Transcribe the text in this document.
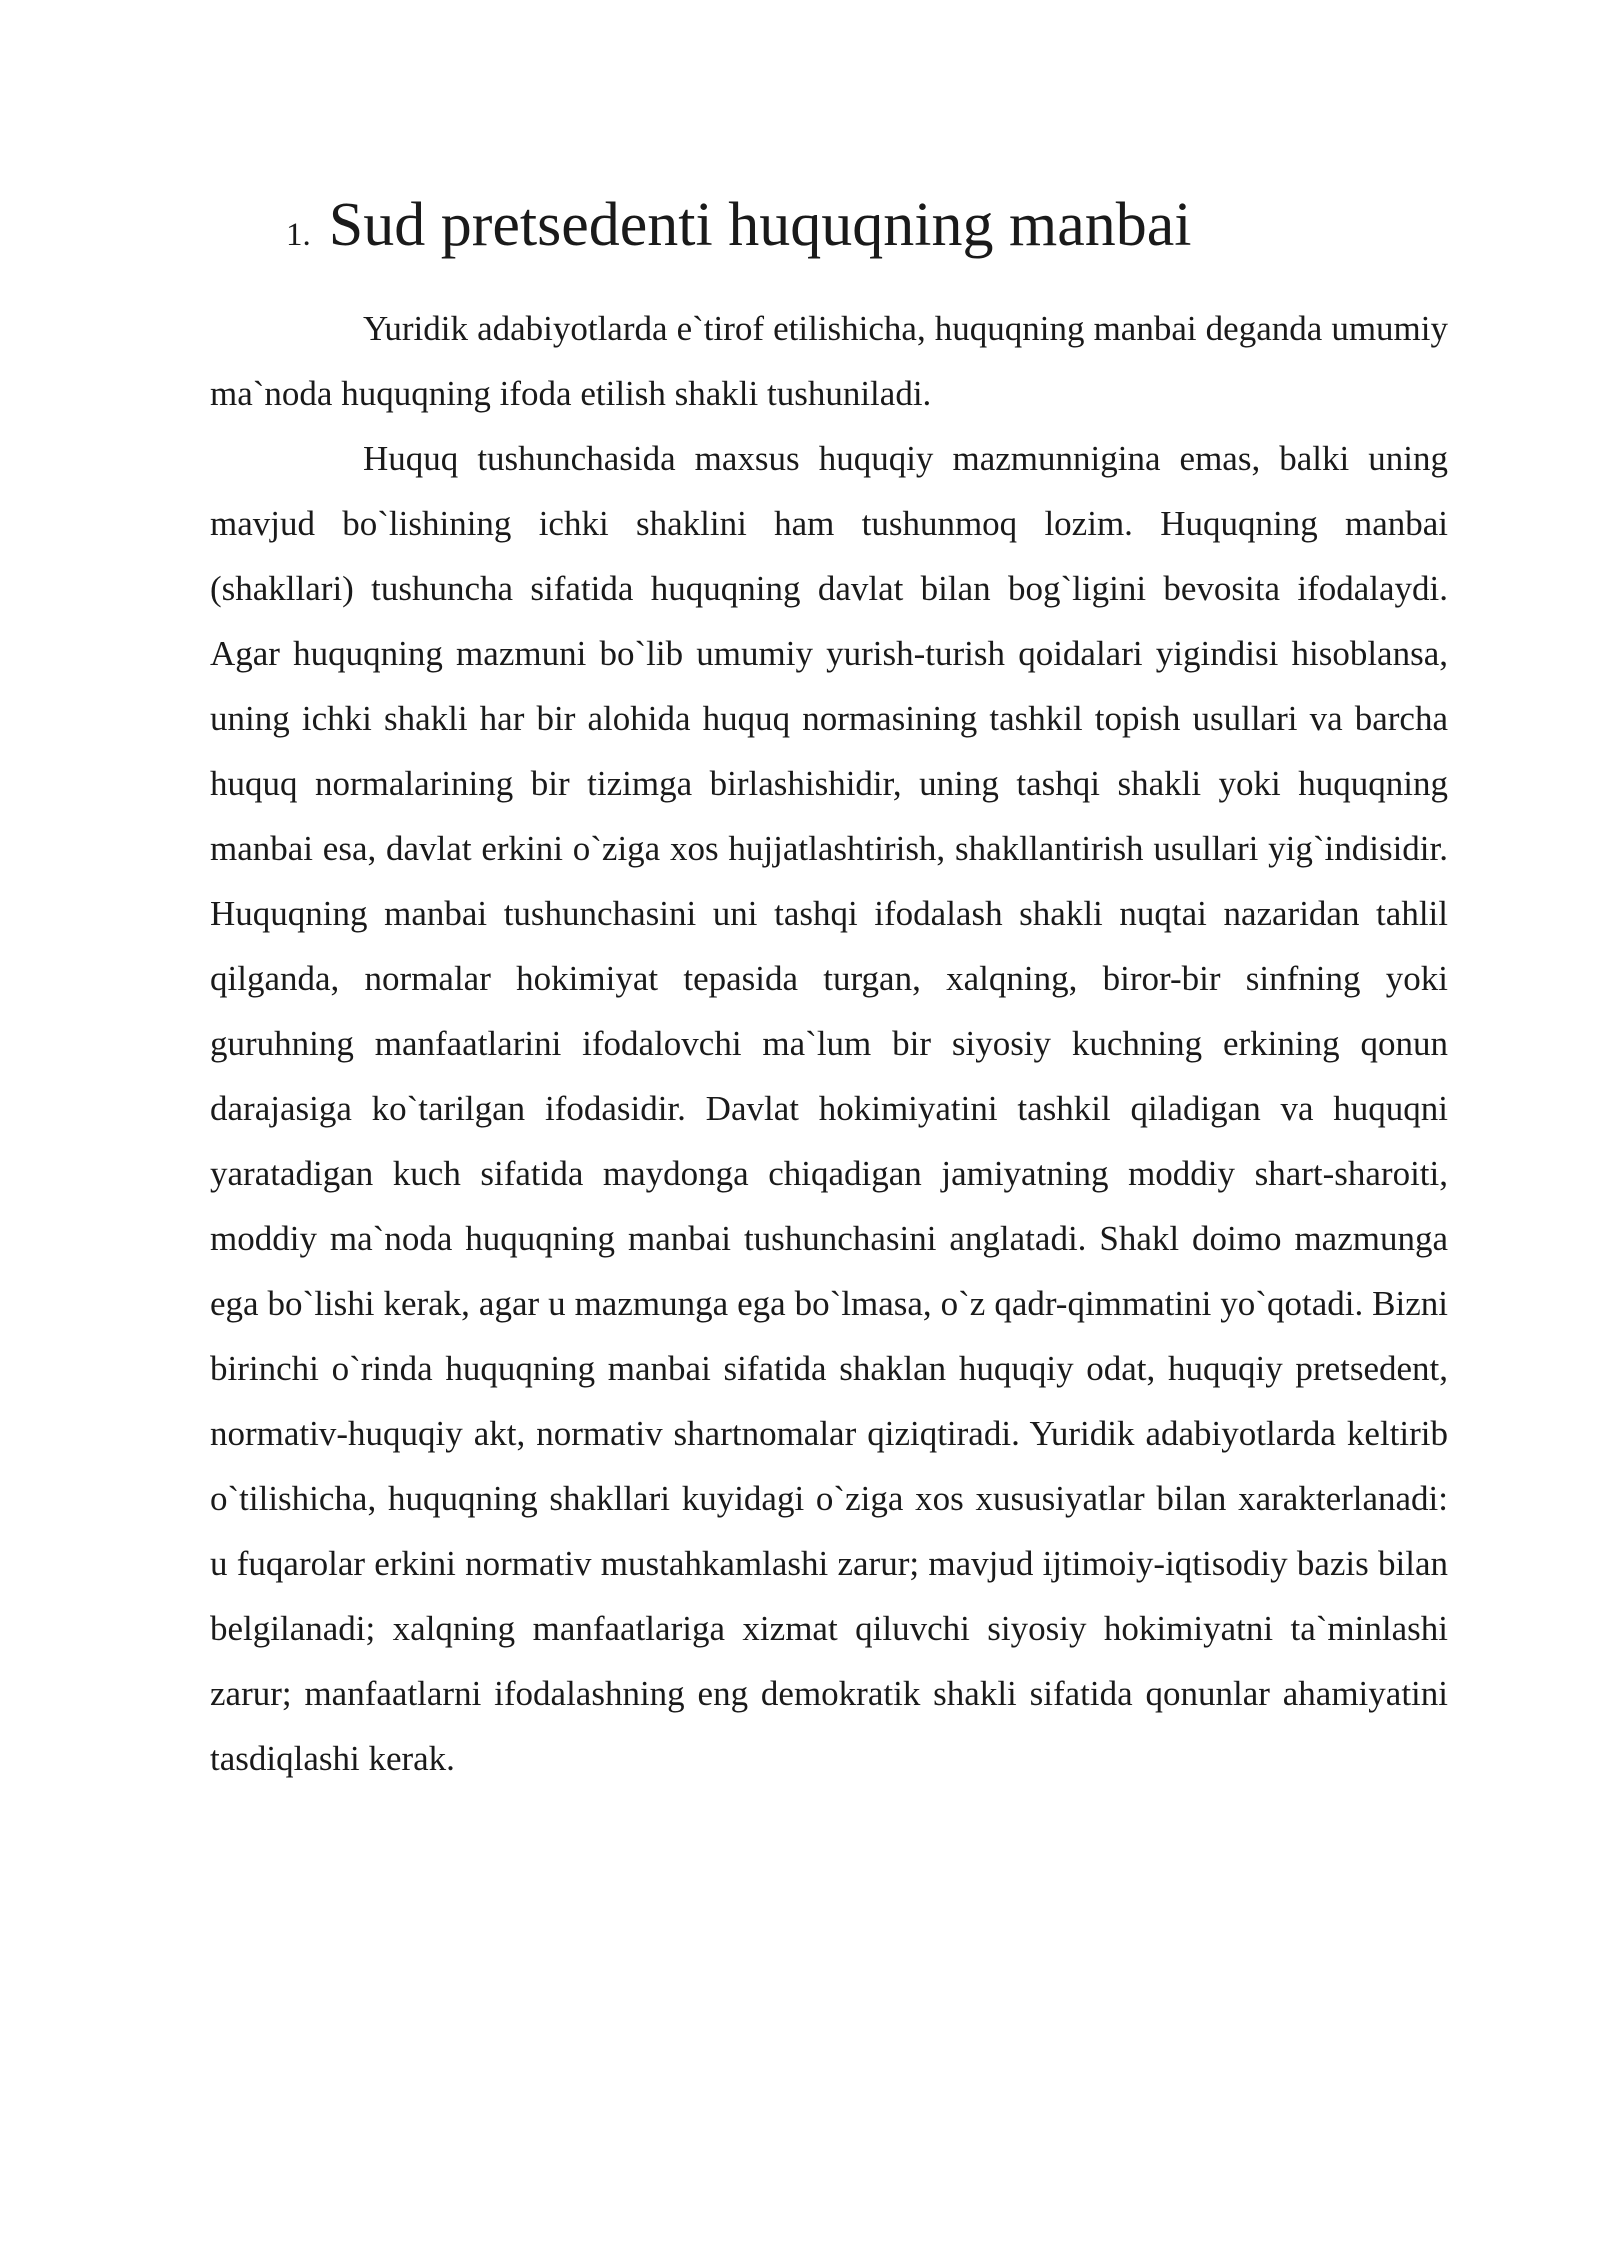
1. Sud pretsedenti huquqning manbai

Yuridik adabiyotlarda e`tirof etilishicha, huquqning manbai deganda umumiy ma`noda huquqning ifoda etilish shakli tushuniladi.

Huquq tushunchasida maxsus huquqiy mazmunnigina emas, balki uning mavjud bo`lishining ichki shaklini ham tushunmoq lozim. Huquqning manbai (shakllari) tushuncha sifatida huquqning davlat bilan bog`ligini bevosita ifodalaydi. Agar huquqning mazmuni bo`lib umumiy yurish-turish qoidalari yigindisi hisoblansa, uning ichki shakli har bir alohida huquq normasining tashkil topish usullari va barcha huquq normalarining bir tizimga birlashishidir, uning tashqi shakli yoki huquqning manbai esa, davlat erkini o`ziga xos hujjatlashtirish, shakllantirish usullari yig`indisidir. Huquqning manbai tushunchasini uni tashqi ifodalash shakli nuqtai nazaridan tahlil qilganda, normalar hokimiyat tepasida turgan, xalqning, biror-bir sinfning yoki guruhning manfaatlarini ifodalovchi ma`lum bir siyosiy kuchning erkining qonun darajasiga ko`tarilgan ifodasidir. Davlat hokimiyatini tashkil qiladigan va huquqni yaratadigan kuch sifatida maydonga chiqadigan jamiyatning moddiy shart-sharoiti, moddiy ma`noda huquqning manbai tushunchasini anglatadi. Shakl doimo mazmunga ega bo`lishi kerak, agar u mazmunga ega bo`lmasa, o`z qadr-qimmatini yo`qotadi. Bizni birinchi o`rinda huquqning manbai sifatida shaklan huquqiy odat, huquqiy pretsedent, normativ-huquqiy akt, normativ shartnomalar qiziqtiradi. Yuridik adabiyotlarda keltirib o`tilishicha, huquqning shakllari kuyidagi o`ziga xos xususiyatlar bilan xarakterlanadi: u fuqarolar erkini normativ mustahkamlashi zarur; mavjud ijtimoiy-iqtisodiy bazis bilan belgilanadi; xalqning manfaatlariga xizmat qiluvchi siyosiy hokimiyatni ta`minlashi zarur; manfaatlarni ifodalashning eng demokratik shakli sifatida qonunlar ahamiyatini tasdiqlashi kerak.
